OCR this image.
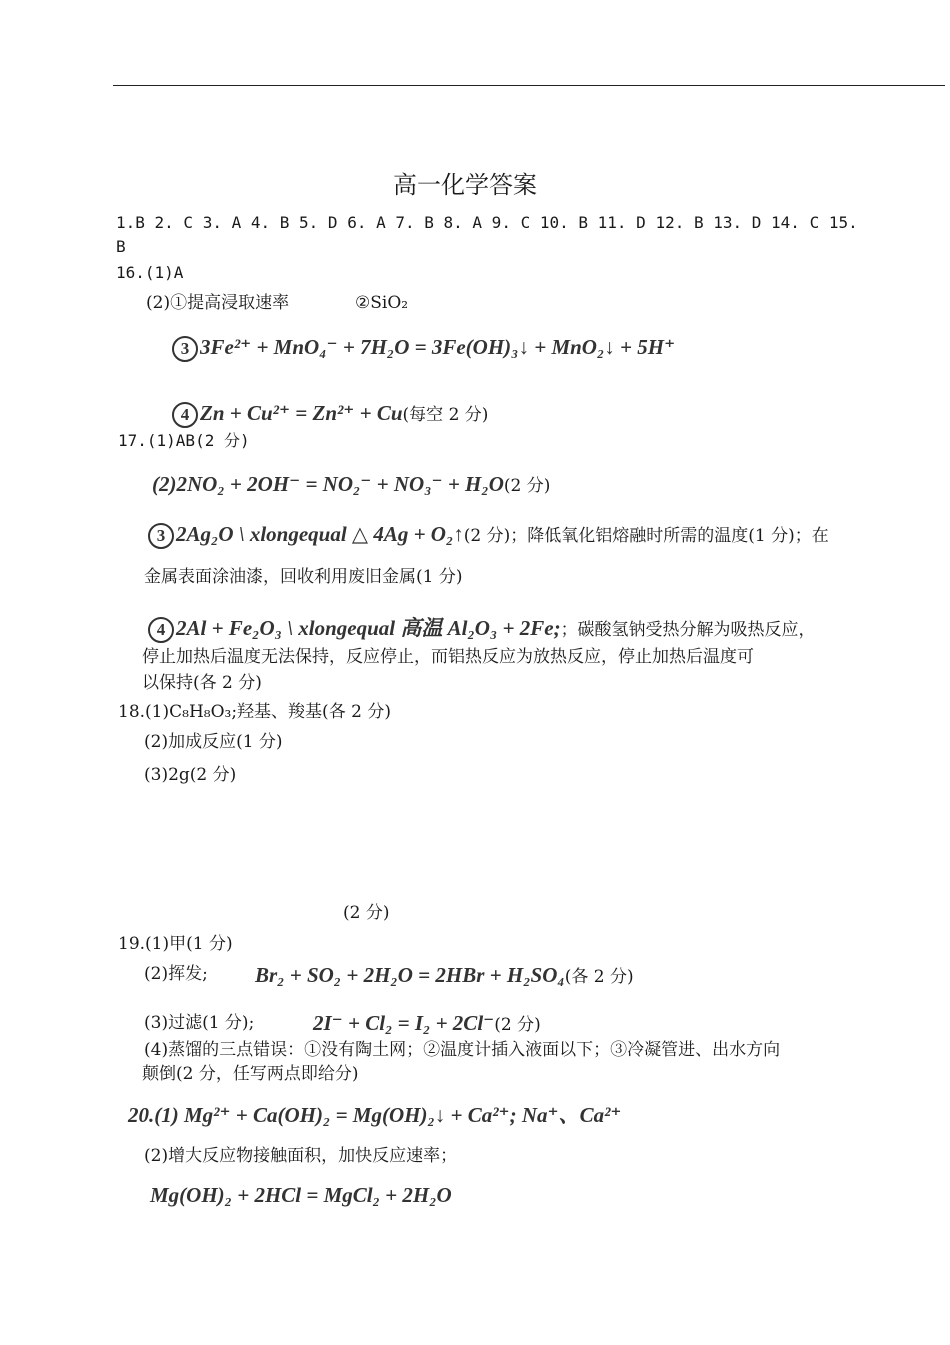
高一化学答案
1.B 2. C 3. A 4. B 5. D 6. A 7. B 8. A 9. C 10. B 11. D 12. B 13. D 14. C 15.
B
16.(1)A
(2)①提高浸取速率	②SiO₂
3 3Fe²⁺ + MnO₄⁻ + 7H₂O = 3Fe(OH)₃↓ + MnO₂↓ + 5H⁺
4 Zn + Cu²⁺ = Zn²⁺ + Cu(每空 2 分)
17.(1)AB(2 分)
(2)2NO₂ + 2OH⁻ = NO₂⁻ + NO₃⁻ + H₂O(2 分)
3 2Ag₂O \ xlongequal △ 4Ag + O₂↑(2 分)；降低氧化铝熔融时所需的温度(1 分)；在
金属表面涂油漆，回收利用废旧金属(1 分)
4 2Al + Fe₂O₃ \ xlongequal 高温 Al₂O₃ + 2Fe;；碳酸氢钠受热分解为吸热反应，
停止加热后温度无法保持，反应停止，而铝热反应为放热反应，停止加热后温度可
以保持(各 2 分)
18.(1)C₈H₈O₃;羟基、羧基(各 2 分)
(2)加成反应(1 分)
(3)2g(2 分)
(2 分)
19.(1)甲(1 分)
(2)挥发; Br₂ + SO₂ + 2H₂O = 2HBr + H₂SO₄(各 2 分)
(3)过滤(1 分);	2I⁻ + Cl₂ = I₂ + 2Cl⁻(2 分)
(4)蒸馏的三点错误：①没有陶土网；②温度计插入液面以下；③冷凝管进、出水方向
颠倒(2 分，任写两点即给分)
20.(1) Mg²⁺ + Ca(OH)₂ = Mg(OH)₂↓ + Ca²⁺; Na⁺、Ca²⁺
(2)增大反应物接触面积，加快反应速率；
Mg(OH)₂ + 2HCl = MgCl₂ + 2H₂O
